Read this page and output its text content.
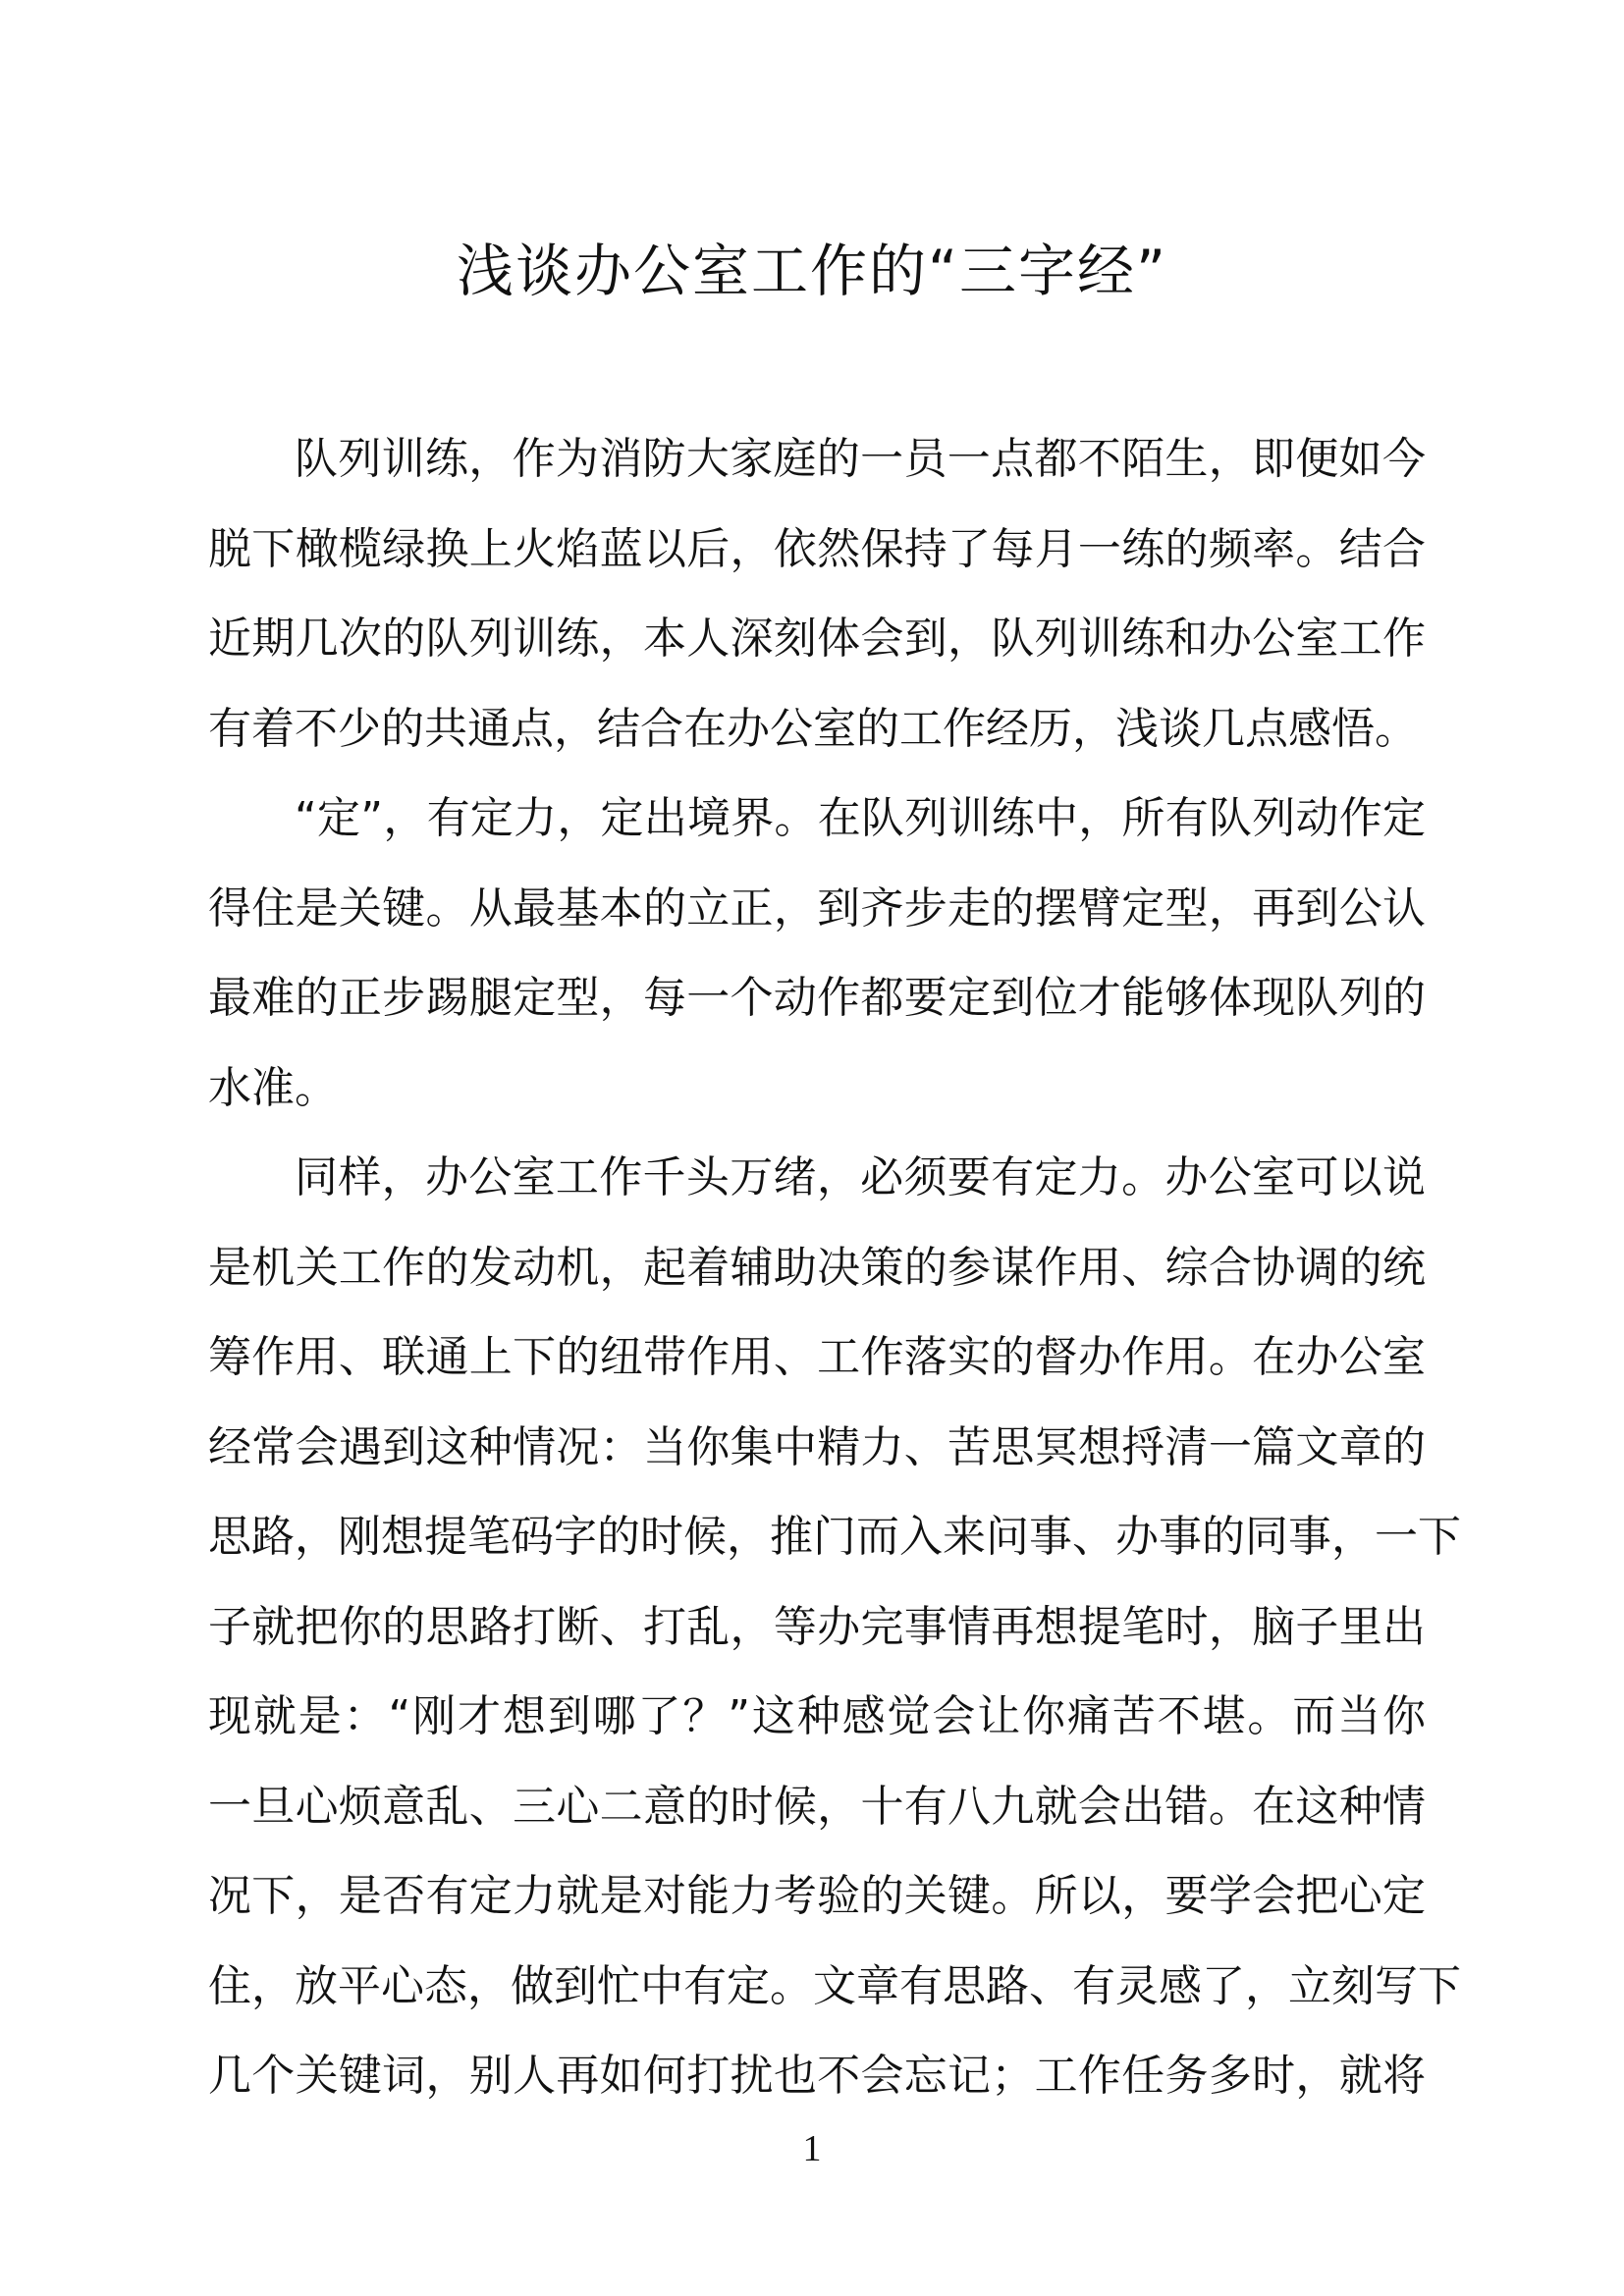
浅谈办公室工作的“三字经”
队列训练，作为消防大家庭的一员一点都不陌生，即便如今
脱下橄榄绿换上火焰蓝以后，依然保持了每月一练的频率。结合
近期几次的队列训练，本人深刻体会到，队列训练和办公室工作
有着不少的共通点，结合在办公室的工作经历，浅谈几点感悟。
“定”，有定力，定出境界。在队列训练中，所有队列动作定
得住是关键。从最基本的立正，到齐步走的摆臂定型，再到公认
最难的正步踢腿定型，每一个动作都要定到位才能够体现队列的
水准。
同样，办公室工作千头万绪，必须要有定力。办公室可以说
是机关工作的发动机，起着辅助决策的参谋作用、综合协调的统
筹作用、联通上下的纽带作用、工作落实的督办作用。在办公室
经常会遇到这种情况：当你集中精力、苦思冥想捋清一篇文章的
思路，刚想提笔码字的时候，推门而入来问事、办事的同事，一下
子就把你的思路打断、打乱，等办完事情再想提笔时，脑子里出
现就是：“刚才想到哪了？”这种感觉会让你痛苦不堪。而当你
一旦心烦意乱、三心二意的时候，十有八九就会出错。在这种情
况下，是否有定力就是对能力考验的关键。所以，要学会把心定
住，放平心态，做到忙中有定。文章有思路、有灵感了，立刻写下
几个关键词，别人再如何打扰也不会忘记；工作任务多时，就将
1
